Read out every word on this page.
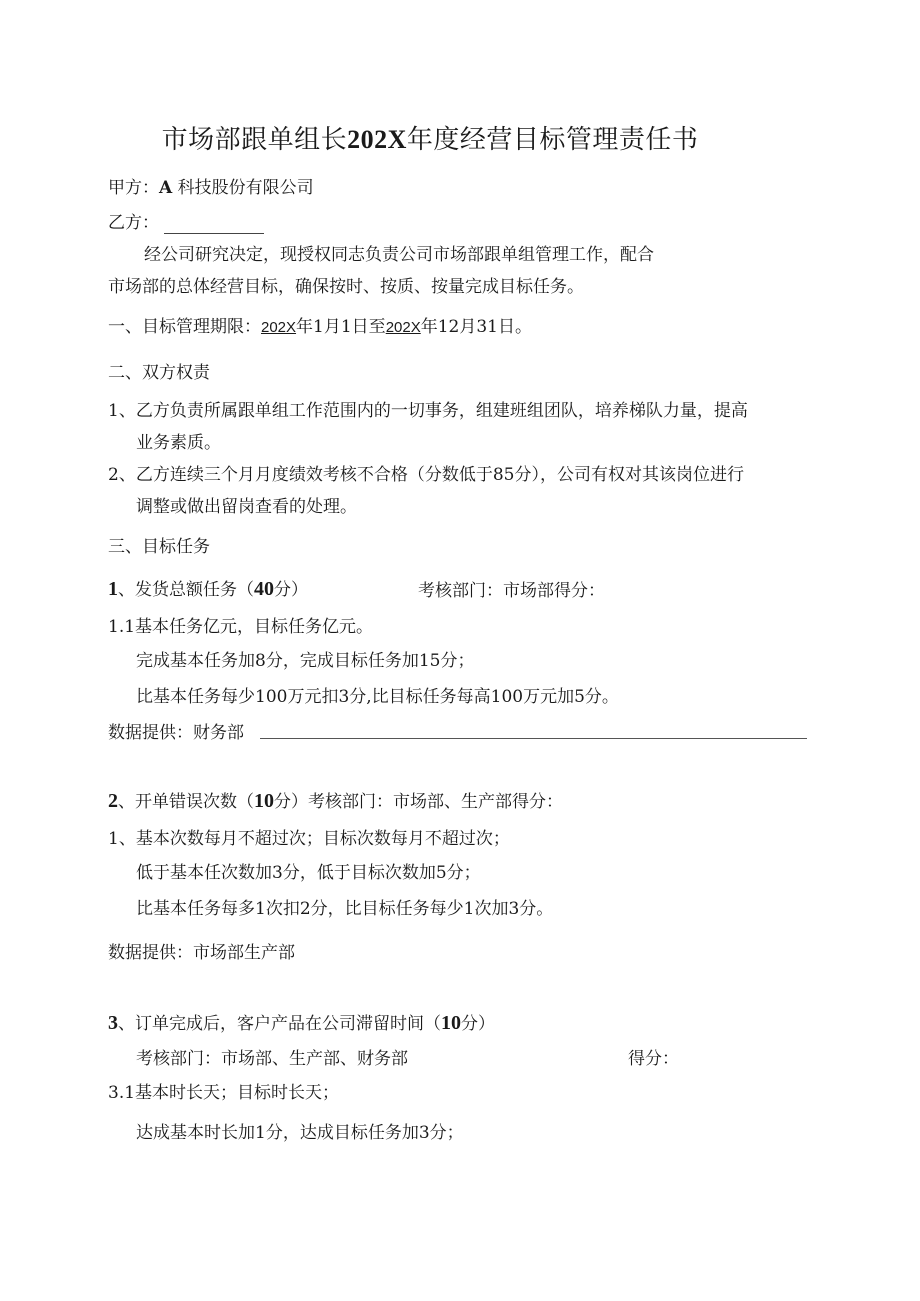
市场部跟单组长202X年度经营目标管理责任书
甲方：A 科技股份有限公司
乙方：
经公司研究决定，现授权同志负责公司市场部跟单组管理工作，配合
市场部的总体经营目标，确保按时、按质、按量完成目标任务。
一、目标管理期限：202X年1月1日至202X年12月31日。
二、双方权责
1、乙方负责所属跟单组工作范围内的一切事务，组建班组团队，培养梯队力量，提高
业务素质。
2、乙方连续三个月月度绩效考核不合格（分数低于85分），公司有权对其该岗位进行
调整或做出留岗查看的处理。
三、目标任务
1、发货总额任务（40分）	考核部门：市场部得分：
1.1基本任务亿元，目标任务亿元。
完成基本任务加8分，完成目标任务加15分；
比基本任务每少100万元扣3分,比目标任务每高100万元加5分。
数据提供：财务部
2、开单错误次数（10分）考核部门：市场部、生产部得分：
1、基本次数每月不超过次；目标次数每月不超过次；
低于基本任次数加3分，低于目标次数加5分；
比基本任务每多1次扣2分，比目标任务每少1次加3分。
数据提供：市场部生产部
3、订单完成后，客户产品在公司滞留时间（10分）
考核部门：市场部、生产部、财务部	得分：
3.1基本时长天；目标时长天；
达成基本时长加1分，达成目标任务加3分；
